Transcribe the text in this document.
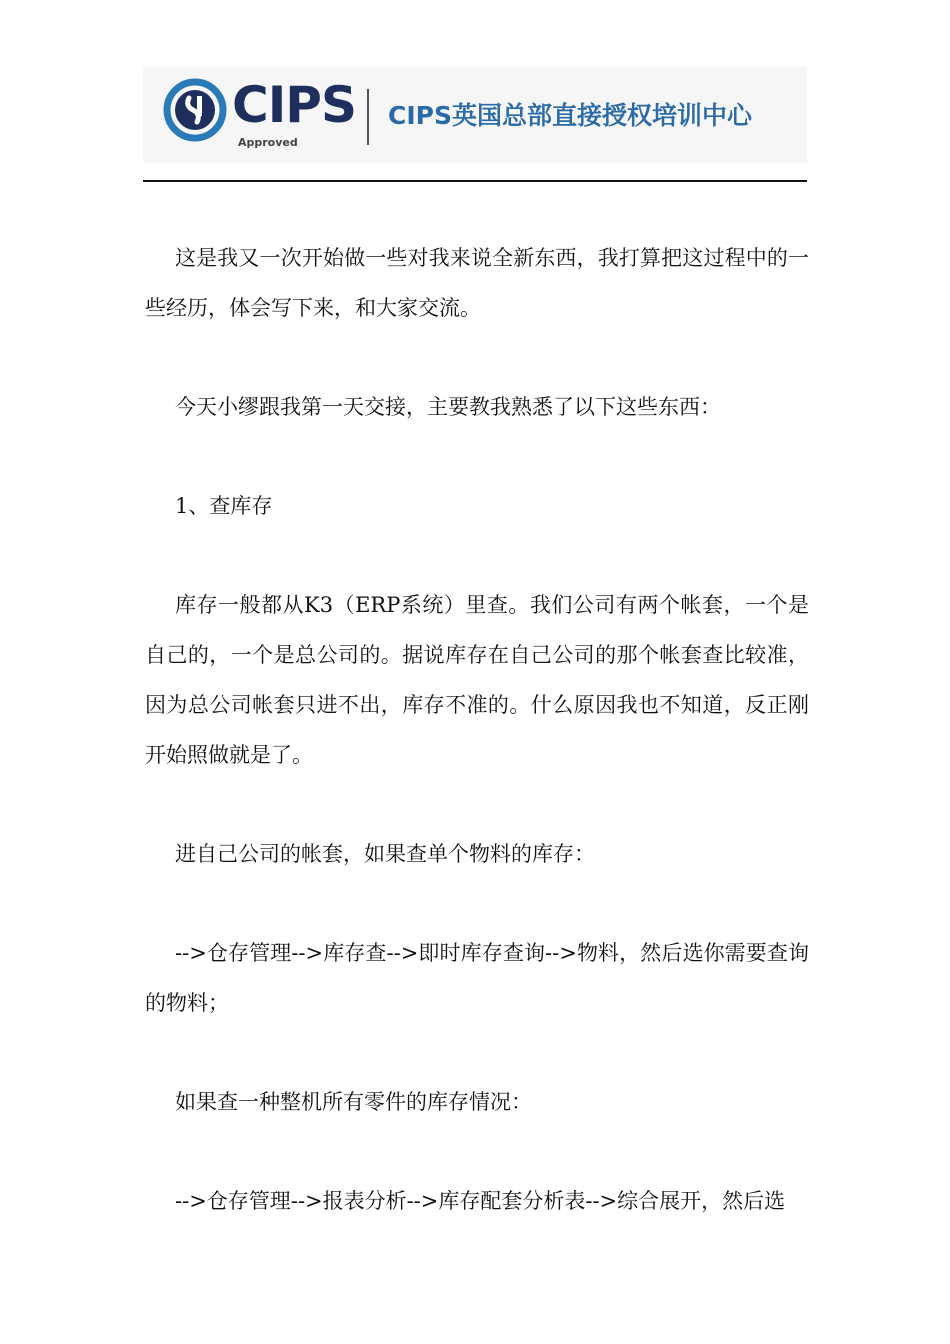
CIPS
Approved
CIPS英国总部直接授权培训中心

这是我又一次开始做一些对我来说全新东西，我打算把这过程中的一些经历，体会写下来，和大家交流。

今天小缪跟我第一天交接，主要教我熟悉了以下这些东西：

1、查库存

库存一般都从K3（ERP系统）里查。我们公司有两个帐套，一个是自己的，一个是总公司的。据说库存在自己公司的那个帐套查比较准，因为总公司帐套只进不出，库存不准的。什么原因我也不知道，反正刚开始照做就是了。

进自己公司的帐套，如果查单个物料的库存：

-->仓存管理-->库存查-->即时库存查询-->物料，然后选你需要查询的物料；

如果查一种整机所有零件的库存情况：

-->仓存管理-->报表分析-->库存配套分析表-->综合展开，然后选
